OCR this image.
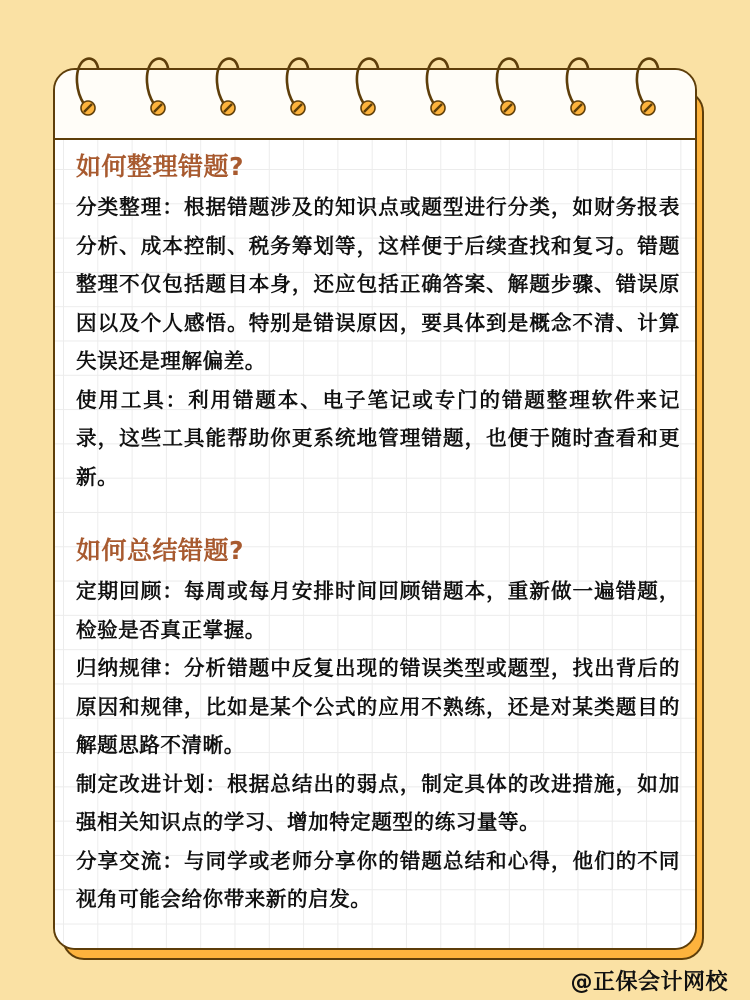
如何整理错题?

分类整理：根据错题涉及的知识点或题型进行分类，如财务报表分析、成本控制、税务筹划等，这样便于后续查找和复习。错题整理不仅包括题目本身，还应包括正确答案、解题步骤、错误原因以及个人感悟。特别是错误原因，要具体到是概念不清、计算失误还是理解偏差。

使用工具：利用错题本、电子笔记或专门的错题整理软件来记录，这些工具能帮助你更系统地管理错题，也便于随时查看和更新。

如何总结错题?

定期回顾：每周或每月安排时间回顾错题本，重新做一遍错题，检验是否真正掌握。

归纳规律：分析错题中反复出现的错误类型或题型，找出背后的原因和规律，比如是某个公式的应用不熟练，还是对某类题目的解题思路不清晰。

制定改进计划：根据总结出的弱点，制定具体的改进措施，如加强相关知识点的学习、增加特定题型的练习量等。

分享交流：与同学或老师分享你的错题总结和心得，他们的不同视角可能会给你带来新的启发。

@正保会计网校
